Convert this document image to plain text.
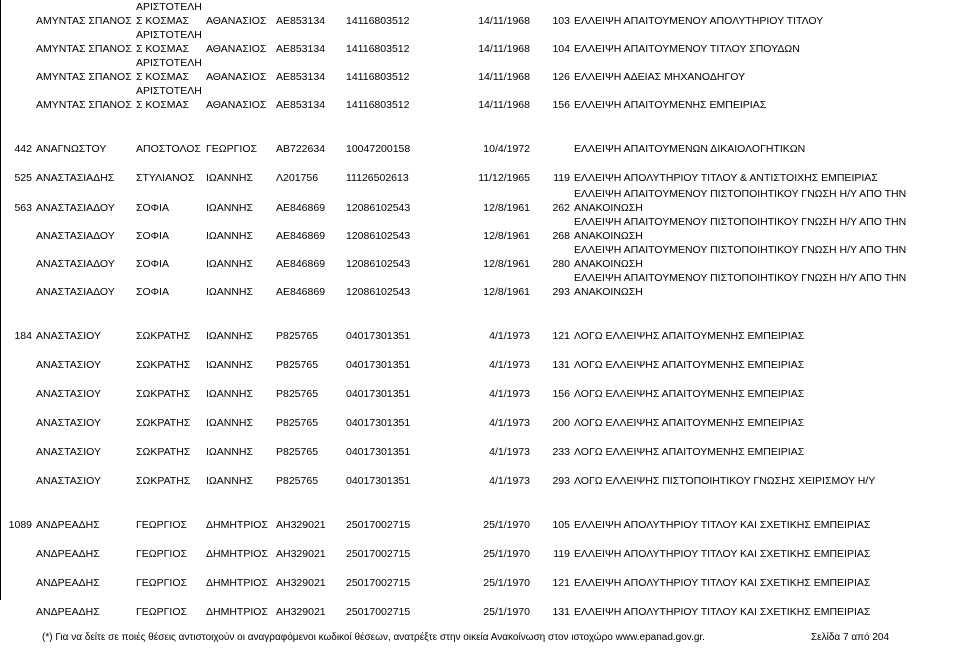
	ΑΜΥΝΤΑΣ ΣΠΑΝΟΣ	ΑΡΙΣΤΟΤΕΛΗ Σ ΚΟΣΜΑΣ	ΑΘΑΝΑΣΙΟΣ	ΑΕ853134	14116803512	14/11/1968	103	ΕΛΛΕΙΨΗ ΑΠΑΙΤΟΥΜΕΝΟΥ ΑΠΟΛΥΤΗΡΙΟΥ ΤΙΤΛΟΥ
	ΑΜΥΝΤΑΣ ΣΠΑΝΟΣ	ΑΡΙΣΤΟΤΕΛΗ Σ ΚΟΣΜΑΣ	ΑΘΑΝΑΣΙΟΣ	ΑΕ853134	14116803512	14/11/1968	104	ΕΛΛΕΙΨΗ ΑΠΑΙΤΟΥΜΕΝΟΥ ΤΙΤΛΟΥ ΣΠΟΥΔΩΝ
	ΑΜΥΝΤΑΣ ΣΠΑΝΟΣ	ΑΡΙΣΤΟΤΕΛΗ Σ ΚΟΣΜΑΣ	ΑΘΑΝΑΣΙΟΣ	ΑΕ853134	14116803512	14/11/1968	126	ΕΛΛΕΙΨΗ ΑΔΕΙΑΣ ΜΗΧΑΝΟΔΗΓΟΥ
	ΑΜΥΝΤΑΣ ΣΠΑΝΟΣ	ΑΡΙΣΤΟΤΕΛΗ Σ ΚΟΣΜΑΣ	ΑΘΑΝΑΣΙΟΣ	ΑΕ853134	14116803512	14/11/1968	156	ΕΛΛΕΙΨΗ ΑΠΑΙΤΟΥΜΕΝΗΣ ΕΜΠΕΙΡΙΑΣ
442	ΑΝΑΓΝΩΣΤΟΥ	ΑΠΟΣΤΟΛΟΣ	ΓΕΩΡΓΙΟΣ	ΑΒ722634	10047200158	10/4/1972		ΕΛΛΕΙΨΗ ΑΠΑΙΤΟΥΜΕΝΩΝ ΔΙΚΑΙΟΛΟΓΗΤΙΚΩΝ
525	ΑΝΑΣΤΑΣΙΑΔΗΣ	ΣΤΥΛΙΑΝΟΣ	ΙΩΑΝΝΗΣ	Λ201756	11126502613	11/12/1965	119	ΕΛΛΕΙΨΗ ΑΠΟΛΥΤΗΡΙΟΥ ΤΙΤΛΟΥ & ΑΝΤΙΣΤΟΙΧΗΣ ΕΜΠΕΙΡΙΑΣ
563	ΑΝΑΣΤΑΣΙΑΔΟΥ	ΣΟΦΙΑ	ΙΩΑΝΝΗΣ	ΑΕ846869	12086102543	12/8/1961	262	ΕΛΛΕΙΨΗ ΑΠΑΙΤΟΥΜΕΝΟΥ ΠΙΣΤΟΠΟΙΗΤΙΚΟΥ ΓΝΩΣΗ Η/Υ ΑΠΟ ΤΗΝ ΑΝΑΚΟΙΝΩΣΗ
	ΑΝΑΣΤΑΣΙΑΔΟΥ	ΣΟΦΙΑ	ΙΩΑΝΝΗΣ	ΑΕ846869	12086102543	12/8/1961	268	ΕΛΛΕΙΨΗ ΑΠΑΙΤΟΥΜΕΝΟΥ ΠΙΣΤΟΠΟΙΗΤΙΚΟΥ ΓΝΩΣΗ Η/Υ ΑΠΟ ΤΗΝ ΑΝΑΚΟΙΝΩΣΗ
	ΑΝΑΣΤΑΣΙΑΔΟΥ	ΣΟΦΙΑ	ΙΩΑΝΝΗΣ	ΑΕ846869	12086102543	12/8/1961	280	ΕΛΛΕΙΨΗ ΑΠΑΙΤΟΥΜΕΝΟΥ ΠΙΣΤΟΠΟΙΗΤΙΚΟΥ ΓΝΩΣΗ Η/Υ ΑΠΟ ΤΗΝ ΑΝΑΚΟΙΝΩΣΗ
	ΑΝΑΣΤΑΣΙΑΔΟΥ	ΣΟΦΙΑ	ΙΩΑΝΝΗΣ	ΑΕ846869	12086102543	12/8/1961	293	ΕΛΛΕΙΨΗ ΑΠΑΙΤΟΥΜΕΝΟΥ ΠΙΣΤΟΠΟΙΗΤΙΚΟΥ ΓΝΩΣΗ Η/Υ ΑΠΟ ΤΗΝ ΑΝΑΚΟΙΝΩΣΗ
184	ΑΝΑΣΤΑΣΙΟΥ	ΣΩΚΡΑΤΗΣ	ΙΩΑΝΝΗΣ	Ρ825765	04017301351	4/1/1973	121	ΛΟΓΩ ΕΛΛΕΙΨΗΣ ΑΠΑΙΤΟΥΜΕΝΗΣ ΕΜΠΕΙΡΙΑΣ
	ΑΝΑΣΤΑΣΙΟΥ	ΣΩΚΡΑΤΗΣ	ΙΩΑΝΝΗΣ	Ρ825765	04017301351	4/1/1973	131	ΛΟΓΩ ΕΛΛΕΙΨΗΣ ΑΠΑΙΤΟΥΜΕΝΗΣ ΕΜΠΕΙΡΙΑΣ
	ΑΝΑΣΤΑΣΙΟΥ	ΣΩΚΡΑΤΗΣ	ΙΩΑΝΝΗΣ	Ρ825765	04017301351	4/1/1973	156	ΛΟΓΩ ΕΛΛΕΙΨΗΣ ΑΠΑΙΤΟΥΜΕΝΗΣ ΕΜΠΕΙΡΙΑΣ
	ΑΝΑΣΤΑΣΙΟΥ	ΣΩΚΡΑΤΗΣ	ΙΩΑΝΝΗΣ	Ρ825765	04017301351	4/1/1973	200	ΛΟΓΩ ΕΛΛΕΙΨΗΣ ΑΠΑΙΤΟΥΜΕΝΗΣ ΕΜΠΕΙΡΙΑΣ
	ΑΝΑΣΤΑΣΙΟΥ	ΣΩΚΡΑΤΗΣ	ΙΩΑΝΝΗΣ	Ρ825765	04017301351	4/1/1973	233	ΛΟΓΩ ΕΛΛΕΙΨΗΣ ΑΠΑΙΤΟΥΜΕΝΗΣ ΕΜΠΕΙΡΙΑΣ
	ΑΝΑΣΤΑΣΙΟΥ	ΣΩΚΡΑΤΗΣ	ΙΩΑΝΝΗΣ	Ρ825765	04017301351	4/1/1973	293	ΛΟΓΩ ΕΛΛΕΙΨΗΣ ΠΙΣΤΟΠΟΙΗΤΙΚΟΥ ΓΝΩΣΗΣ ΧΕΙΡΙΣΜΟΥ Η/Υ
1089	ΑΝΔΡΕΑΔΗΣ	ΓΕΩΡΓΙΟΣ	ΔΗΜΗΤΡΙΟΣ	ΑΗ329021	25017002715	25/1/1970	105	ΕΛΛΕΙΨΗ ΑΠΟΛΥΤΗΡΙΟΥ ΤΙΤΛΟΥ ΚΑΙ ΣΧΕΤΙΚΗΣ ΕΜΠΕΙΡΙΑΣ
	ΑΝΔΡΕΑΔΗΣ	ΓΕΩΡΓΙΟΣ	ΔΗΜΗΤΡΙΟΣ	ΑΗ329021	25017002715	25/1/1970	119	ΕΛΛΕΙΨΗ ΑΠΟΛΥΤΗΡΙΟΥ ΤΙΤΛΟΥ ΚΑΙ ΣΧΕΤΙΚΗΣ ΕΜΠΕΙΡΙΑΣ
	ΑΝΔΡΕΑΔΗΣ	ΓΕΩΡΓΙΟΣ	ΔΗΜΗΤΡΙΟΣ	ΑΗ329021	25017002715	25/1/1970	121	ΕΛΛΕΙΨΗ ΑΠΟΛΥΤΗΡΙΟΥ ΤΙΤΛΟΥ ΚΑΙ ΣΧΕΤΙΚΗΣ ΕΜΠΕΙΡΙΑΣ
	ΑΝΔΡΕΑΔΗΣ	ΓΕΩΡΓΙΟΣ	ΔΗΜΗΤΡΙΟΣ	ΑΗ329021	25017002715	25/1/1970	131	ΕΛΛΕΙΨΗ ΑΠΟΛΥΤΗΡΙΟΥ ΤΙΤΛΟΥ ΚΑΙ ΣΧΕΤΙΚΗΣ ΕΜΠΕΙΡΙΑΣ
(*) Για να δείτε σε ποιές θέσεις αντιστοιχούν οι αναγραφόμενοι κωδικοί θέσεων, ανατρέξτε στην οικεία Ανακοίνωση στον ιστοχώρο www.epanad.gov.gr.	Σελίδα 7 από 204
